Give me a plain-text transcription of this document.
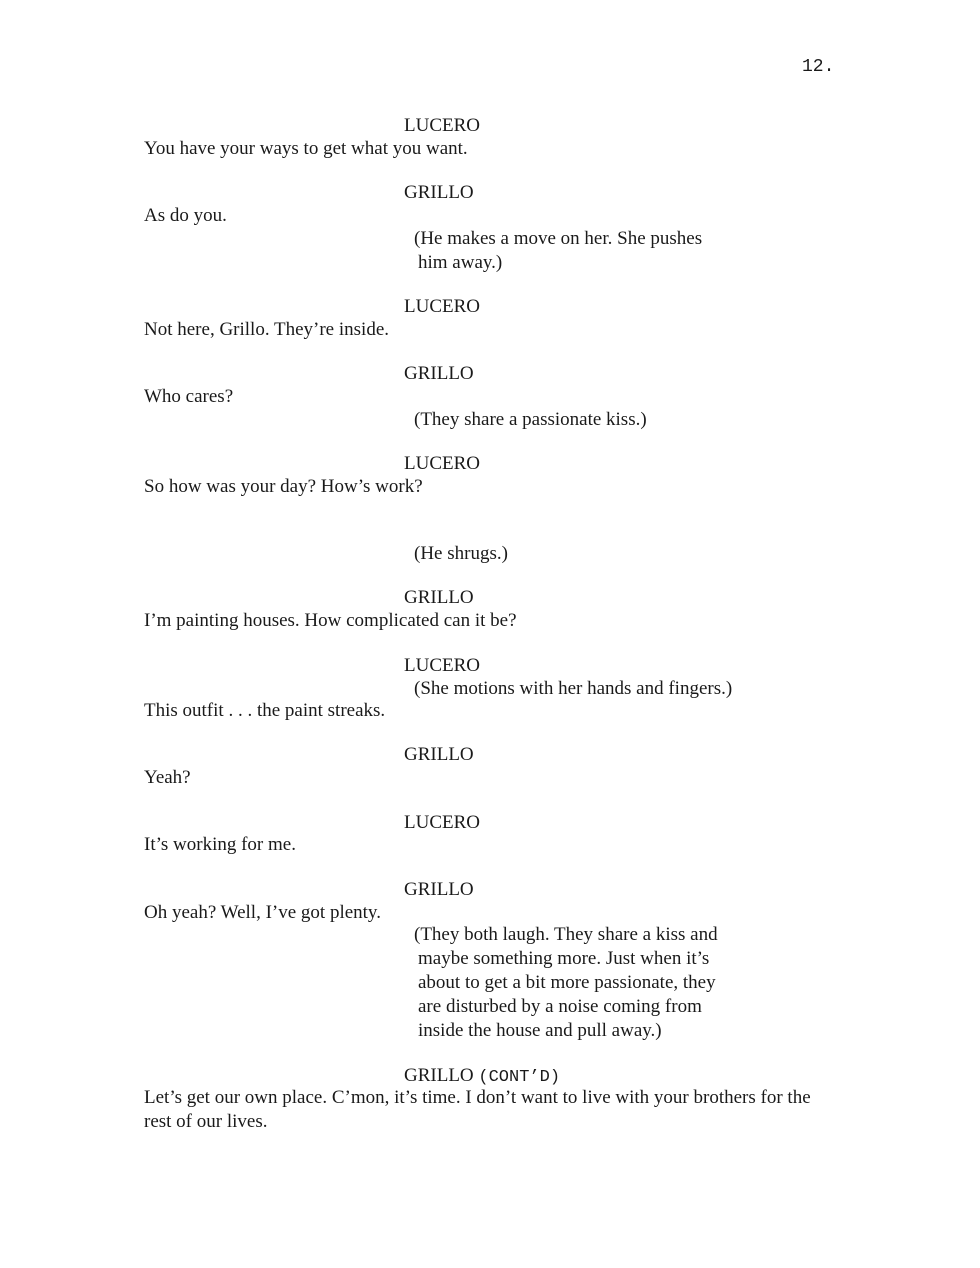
12.
LUCERO
You have your ways to get what you want.
GRILLO
As do you.
(He makes a move on her. She pushes
him away.)
LUCERO
Not here, Grillo. They’re inside.
GRILLO
Who cares?
(They share a passionate kiss.)
LUCERO
So how was your day? How’s work?
(He shrugs.)
GRILLO
I’m painting houses. How complicated can it be?
LUCERO
(She motions with her hands and fingers.)
This outfit . . . the paint streaks.
GRILLO
Yeah?
LUCERO
It’s working for me.
GRILLO
Oh yeah? Well, I’ve got plenty.
(They both laugh. They share a kiss and
maybe something more. Just when it’s
about to get a bit more passionate, they
are disturbed by a noise coming from
inside the house and pull away.)
GRILLO (CONT’D)
Let’s get our own place. C’mon, it’s time. I don’t want to live with your brothers for the
rest of our lives.
